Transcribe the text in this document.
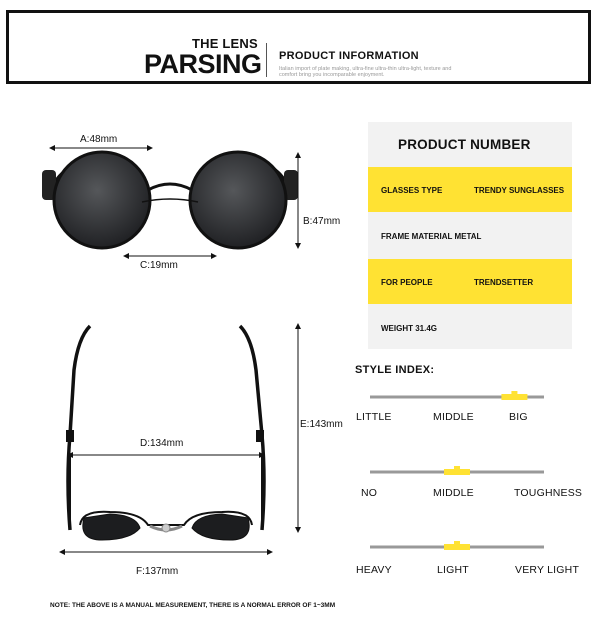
THE LENS
PARSING PRODUCT INFORMATION
Italian import of plate making, ultra-fine ultra-thin ultra-light, texture and comfort bring you incomparable enjoyment.
A:48mm
B:47mm
C:19mm
D:134mm
E:143mm
F:137mm
PRODUCT NUMBER
GLASSES TYPE	TRENDY SUNGLASSES
FRAME MATERIAL METAL
FOR PEOPLE	TRENDSETTER
WEIGHT 31.4G
STYLE INDEX:
LITTLE	MIDDLE	BIG
NO	MIDDLE	TOUGHNESS
HEAVY	LIGHT	VERY LIGHT
NOTE: THE ABOVE IS A MANUAL MEASUREMENT, THERE IS A NORMAL ERROR OF 1~3MM
